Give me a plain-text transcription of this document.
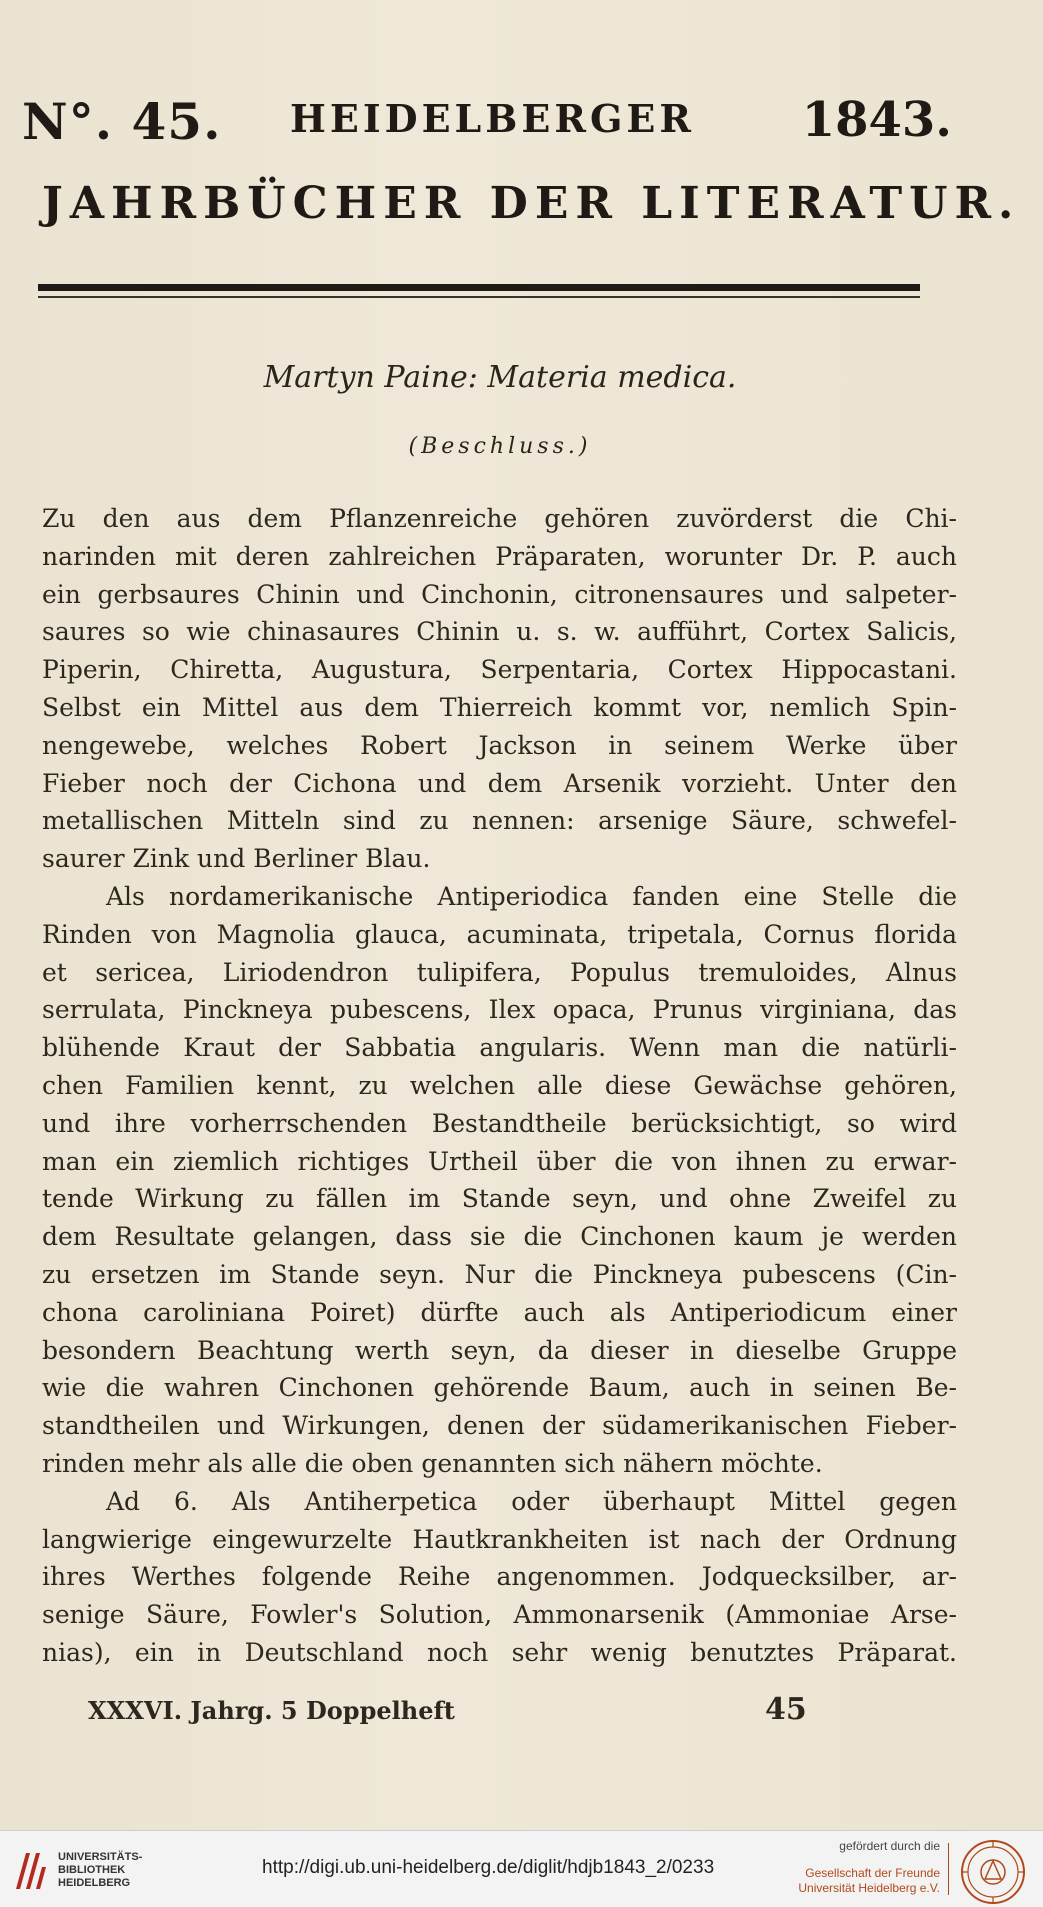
N°. 45. HEIDELBERGER 1843.
JAHRBÜCHER DER LITERATUR.
Martyn Paine: Materia medica.
(Beschluss.)
Zu den aus dem Pflanzenreiche gehören zuvörderst die Chi-
narinden mit deren zahlreichen Präparaten, worunter Dr. P. auch
ein gerbsaures Chinin und Cinchonin, citronensaures und salpeter-
saures so wie chinasaures Chinin u. s. w. aufführt, Cortex Salicis,
Piperin, Chiretta, Augustura, Serpentaria, Cortex Hippocastani.
Selbst ein Mittel aus dem Thierreich kommt vor, nemlich Spin-
nengewebe, welches Robert Jackson in seinem Werke über
Fieber noch der Cichona und dem Arsenik vorzieht. Unter den
metallischen Mitteln sind zu nennen: arsenige Säure, schwefel-
saurer Zink und Berliner Blau.
Als nordamerikanische Antiperiodica fanden eine Stelle die
Rinden von Magnolia glauca, acuminata, tripetala, Cornus florida
et sericea, Liriodendron tulipifera, Populus tremuloides, Alnus
serrulata, Pinckneya pubescens, Ilex opaca, Prunus virginiana, das
blühende Kraut der Sabbatia angularis. Wenn man die natürli-
chen Familien kennt, zu welchen alle diese Gewächse gehören,
und ihre vorherrschenden Bestandtheile berücksichtigt, so wird
man ein ziemlich richtiges Urtheil über die von ihnen zu erwar-
tende Wirkung zu fällen im Stande seyn, und ohne Zweifel zu
dem Resultate gelangen, dass sie die Cinchonen kaum je werden
zu ersetzen im Stande seyn. Nur die Pinckneya pubescens (Cin-
chona caroliniana Poiret) dürfte auch als Antiperiodicum einer
besondern Beachtung werth seyn, da dieser in dieselbe Gruppe
wie die wahren Cinchonen gehörende Baum, auch in seinen Be-
standtheilen und Wirkungen, denen der südamerikanischen Fieber-
rinden mehr als alle die oben genannten sich nähern möchte.
Ad 6. Als Antiherpetica oder überhaupt Mittel gegen
langwierige eingewurzelte Hautkrankheiten ist nach der Ordnung
ihres Werthes folgende Reihe angenommen. Jodquecksilber, ar-
senige Säure, Fowler's Solution, Ammonarsenik (Ammoniae Arse-
nias), ein in Deutschland noch sehr wenig benutztes Präparat.
XXXVI. Jahrg. 5 Doppelheft	45
UNIVERSITÄTS-
BIBLIOTHEK
HEIDELBERG
http://digi.ub.uni-heidelberg.de/diglit/hdjb1843_2/0233
gefördert durch die
Gesellschaft der Freunde
Universität Heidelberg e.V.
